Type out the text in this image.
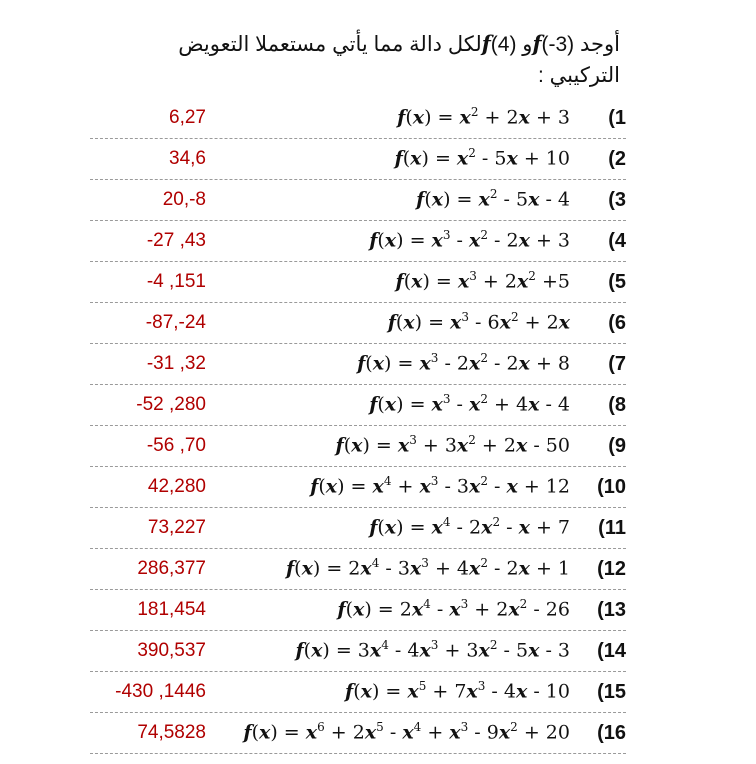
أوجد f(-3)و f(4)لكل دالة مما يأتي مستعملا التعويض
التركيبي :
1)
$f(x) = x^2 + 2x + 3$
6,27
2)
$f(x) = x^2 - 5x + 10$
34,6
3)
$f(x) = x^2 - 5x - 4$
20,-8
4)
$f(x) = x^3 - x^2 - 2x + 3$
-27 ,43
5)
$f(x) = x^3 + 2x^2 +5$
-4 ,151
6)
$f(x) = x^3 - 6x^2 + 2x$
-87,-24
7)
$f(x) = x^3 - 2x^2 - 2x + 8$
-31 ,32
8)
$f(x) = x^3 - x^2 + 4x - 4$
-52 ,280
9)
$f(x) = x^3 + 3x^2 + 2x - 50$
-56 ,70
10)
$f(x) = x^4 + x^3 - 3x^2 - x + 12$
42,280
11)
$f(x) = x^4 - 2x^2 - x + 7$
73,227
12)
$f(x) = 2x^4 - 3x^3 + 4x^2 - 2x + 1$
286,377
13)
$f(x) = 2x^4 - x^3 + 2x^2 - 26$
181,454
14)
$f(x) = 3x^4 - 4x^3 + 3x^2 - 5x - 3$
390,537
15)
$f(x) = x^5 + 7x^3 - 4x - 10$
-430 ,1446
16)
$f(x) = x^6 + 2x^5 - x^4 + x^3 - 9x^2 + 20$
74,5828
